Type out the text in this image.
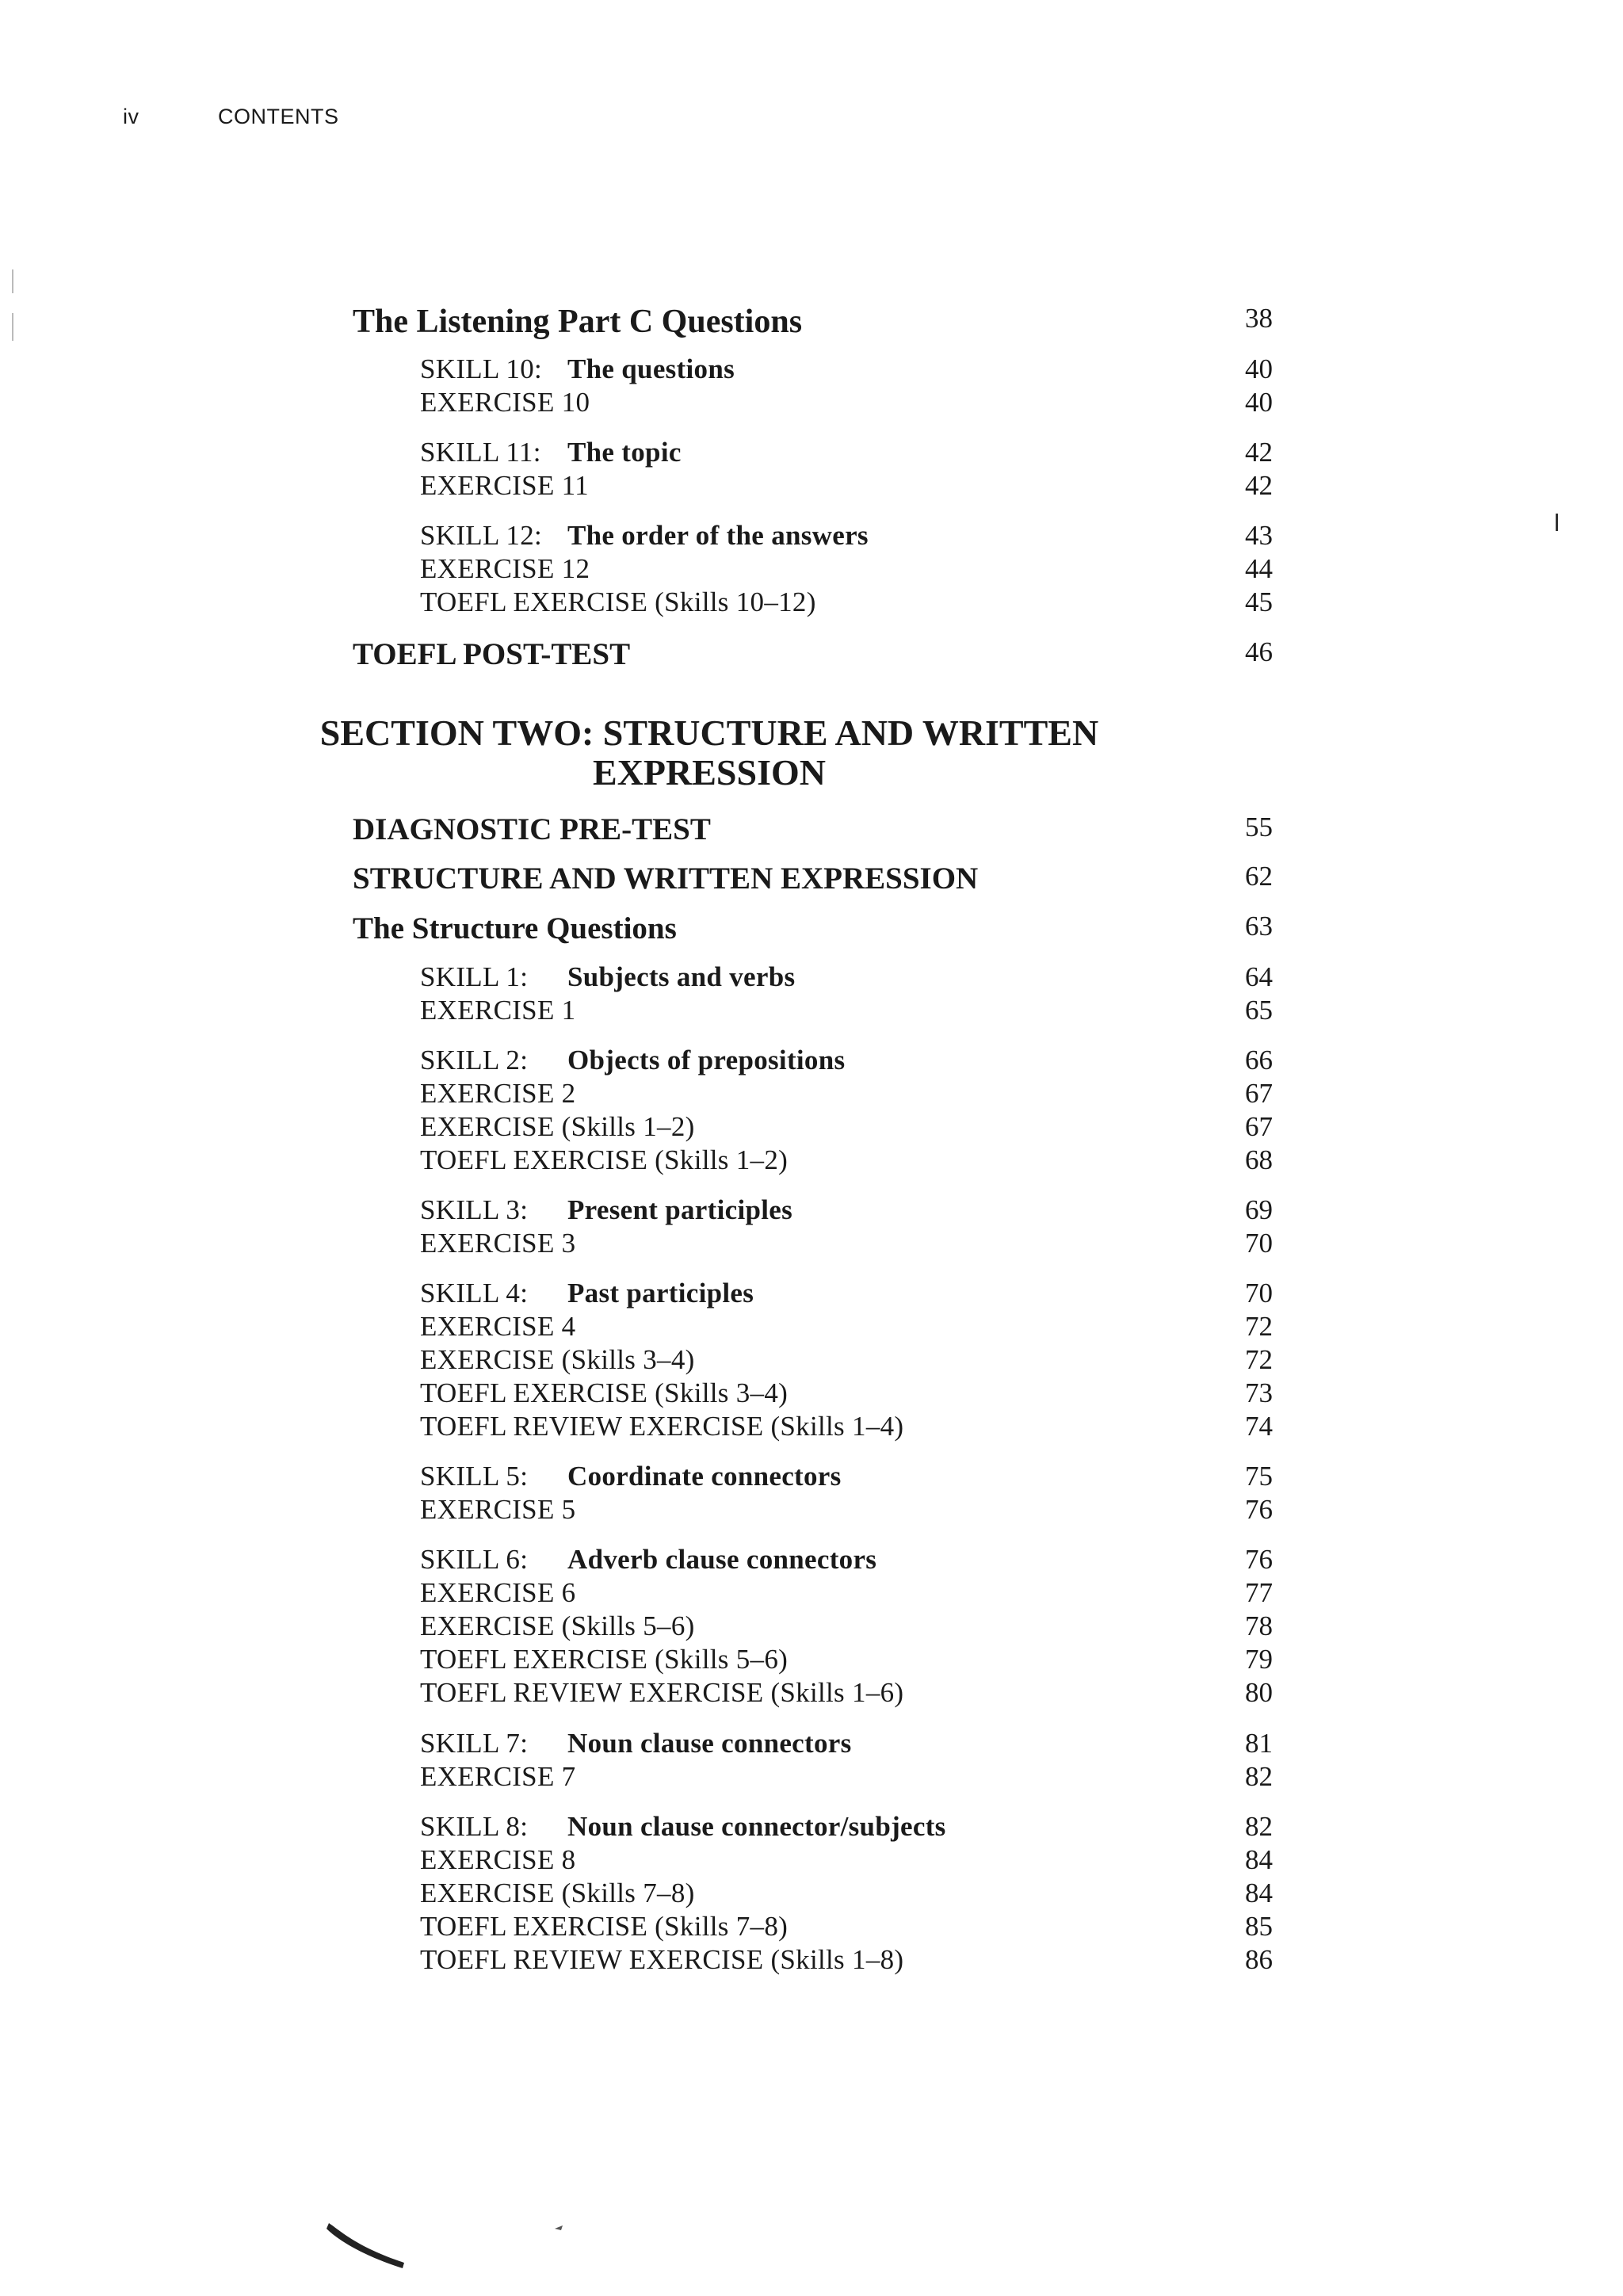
iv	CONTENTS
The Listening Part C Questions	38
SKILL 10: The questions	40
EXERCISE 10	40
SKILL 11: The topic	42
EXERCISE 11	42
SKILL 12: The order of the answers	43
EXERCISE 12	44
TOEFL EXERCISE (Skills 10–12)	45
TOEFL POST-TEST	46
DIAGNOSTIC PRE-TEST	55
STRUCTURE AND WRITTEN EXPRESSION	62
The Structure Questions	63
SKILL 1: Subjects and verbs	64
EXERCISE 1	65
SKILL 2: Objects of prepositions	66
EXERCISE 2	67
EXERCISE (Skills 1–2)	67
TOEFL EXERCISE (Skills 1–2)	68
SKILL 3: Present participles	69
EXERCISE 3	70
SKILL 4: Past participles	70
EXERCISE 4	72
EXERCISE (Skills 3–4)	72
TOEFL EXERCISE (Skills 3–4)	73
TOEFL REVIEW EXERCISE (Skills 1–4)	74
SKILL 5: Coordinate connectors	75
EXERCISE 5	76
SKILL 6: Adverb clause connectors	76
EXERCISE 6	77
EXERCISE (Skills 5–6)	78
TOEFL EXERCISE (Skills 5–6)	79
TOEFL REVIEW EXERCISE (Skills 1–6)	80
SKILL 7: Noun clause connectors	81
EXERCISE 7	82
SKILL 8: Noun clause connector/subjects	82
EXERCISE 8	84
EXERCISE (Skills 7–8)	84
TOEFL EXERCISE (Skills 7–8)	85
TOEFL REVIEW EXERCISE (Skills 1–8)	86
SECTION TWO: STRUCTURE AND WRITTEN
EXPRESSION
